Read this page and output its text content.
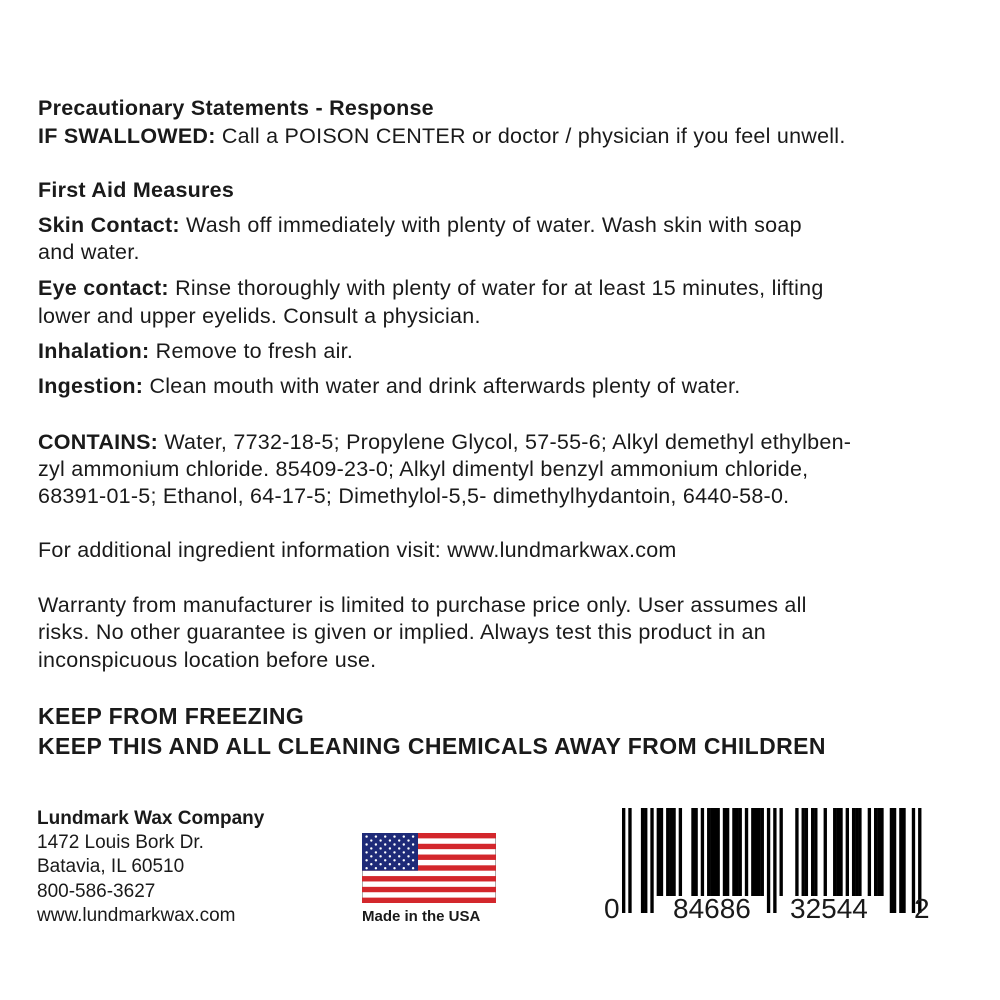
Precautionary Statements - Response
IF SWALLOWED: Call a POISON CENTER or doctor / physician if you feel unwell.
First Aid Measures
Skin Contact: Wash off immediately with plenty of water. Wash skin with soap
and water.
Eye contact: Rinse thoroughly with plenty of water for at least 15 minutes, lifting
lower and upper eyelids. Consult a physician.
Inhalation: Remove to fresh air.
Ingestion: Clean mouth with water and drink afterwards plenty of water.
CONTAINS: Water, 7732-18-5; Propylene Glycol, 57-55-6; Alkyl demethyl ethylben-
zyl ammonium chloride. 85409-23-0; Alkyl dimentyl benzyl ammonium chloride,
68391-01-5; Ethanol, 64-17-5; Dimethylol-5,5- dimethylhydantoin, 6440-58-0.
For additional ingredient information visit: www.lundmarkwax.com
Warranty from manufacturer is limited to purchase price only. User assumes all
risks. No other guarantee is given or implied. Always test this product in an
inconspicuous location before use.
KEEP FROM FREEZING
KEEP THIS AND ALL CLEANING CHEMICALS AWAY FROM CHILDREN
Lundmark Wax Company
1472 Louis Bork Dr.
Batavia, IL 60510
800-586-3627
www.lundmarkwax.com	Made in the USA	0 84686 32544 2
